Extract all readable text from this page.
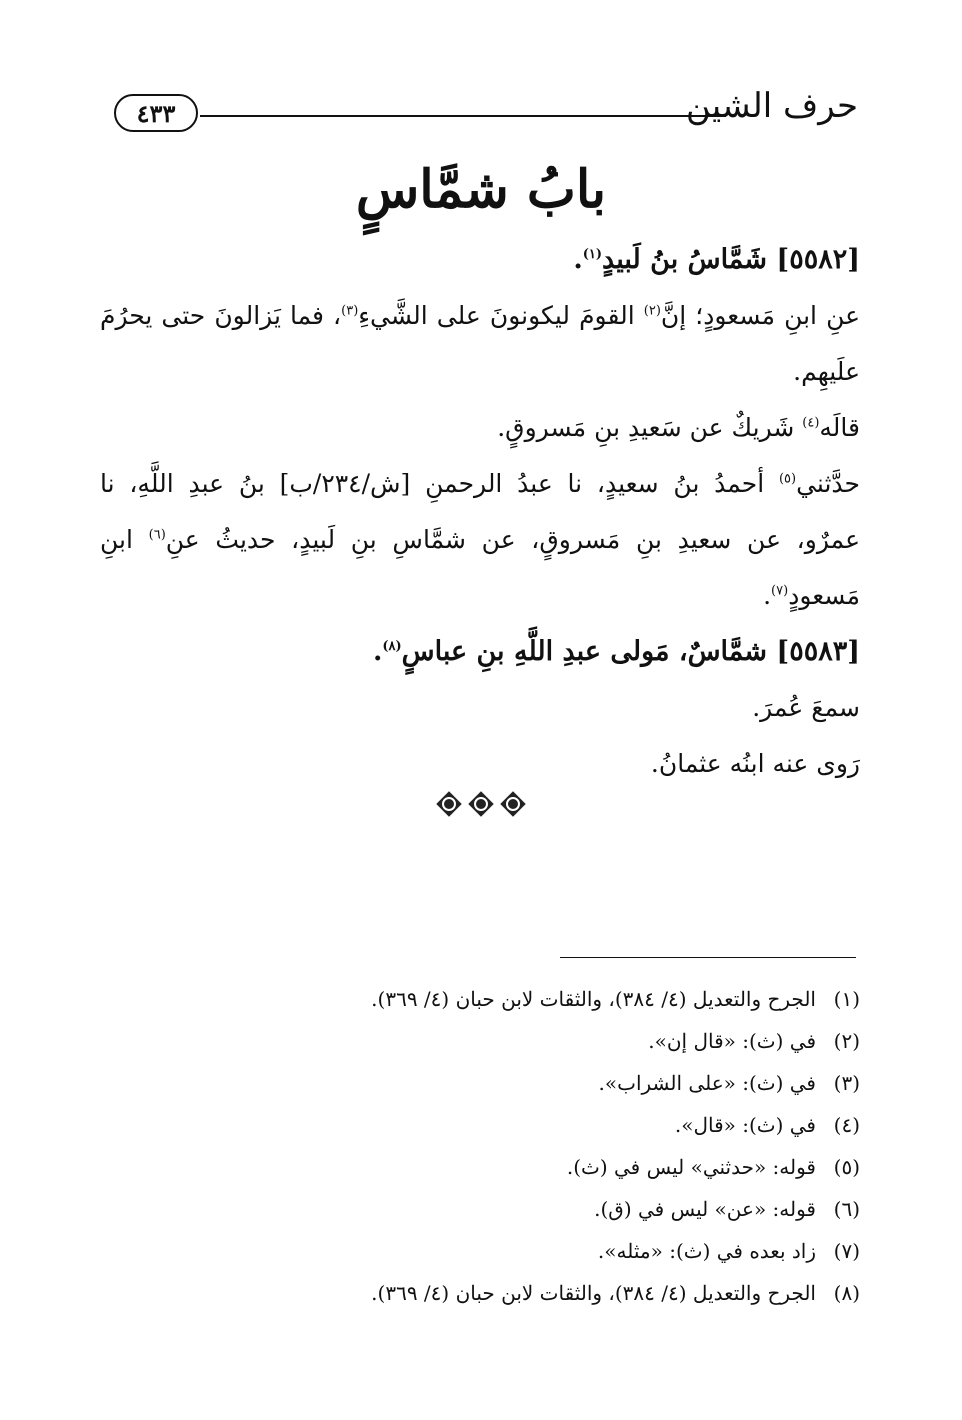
حرف الشين
٤٣٣
بابُ شمَّاسٍ
[٥٥٨٢] شَمَّاسُ بنُ لَبيدٍ$^{(١)}$.
عنِ ابنِ مَسعودٍ؛ إنَّ$^{(٢)}$ القومَ ليكونونَ على الشَّيءِ$^{(٣)}$، فما يَزالونَ حتى يحرُمَ
علَيهِم.
قالَه$^{(٤)}$ شَريكٌ عن سَعيدِ بنِ مَسروقٍ.
حدَّثني$^{(٥)}$ أحمدُ بنُ سعيدٍ، نا عبدُ الرحمنِ [ش/٢٣٤/ب] بنُ عبدِ اللَّهِ، نا
عمرٌو، عن سعيدِ بنِ مَسروقٍ، عن شمَّاسِ بنِ لَبيدٍ، حديثُ عنِ$^{(٦)}$ ابنِ
مَسعودٍ$^{(٧)}$.
[٥٥٨٣] شمَّاسٌ، مَولى عبدِ اللَّهِ بنِ عباسٍ$^{(٨)}$.
سمعَ عُمرَ.
رَوى عنه ابنُه عثمانُ.
(١)الجرح والتعديل (٤/ ٣٨٤)، والثقات لابن حبان (٤/ ٣٦٩).
(٢)في (ث): «قال إن».
(٣)في (ث): «على الشراب».
(٤)في (ث): «قال».
(٥)قوله: «حدثني» ليس في (ث).
(٦)قوله: «عن» ليس في (ق).
(٧)زاد بعده في (ث): «مثله».
(٨)الجرح والتعديل (٤/ ٣٨٤)، والثقات لابن حبان (٤/ ٣٦٩).
